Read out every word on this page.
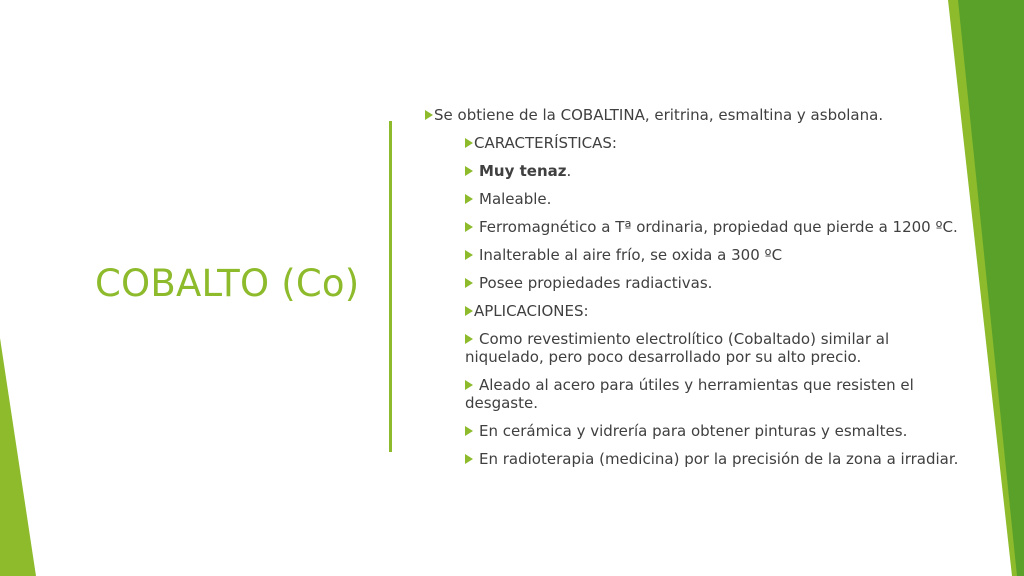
COBALTO (Co)
Se obtiene de la COBALTINA, eritrina, esmaltina y asbolana.
CARACTERÍSTICAS:
Muy tenaz.
Maleable.
Ferromagnético a Tª ordinaria, propiedad que pierde a 1200 ºC.
Inalterable al aire frío, se oxida a 300 ºC
Posee propiedades radiactivas.
APLICACIONES:
Como revestimiento electrolítico (Cobaltado) similar al niquelado, pero poco desarrollado por su alto precio.
Aleado al acero para útiles y herramientas que resisten el desgaste.
En cerámica y vidrería para obtener pinturas y esmaltes.
En radioterapia (medicina) por la precisión de la zona a irradiar.
